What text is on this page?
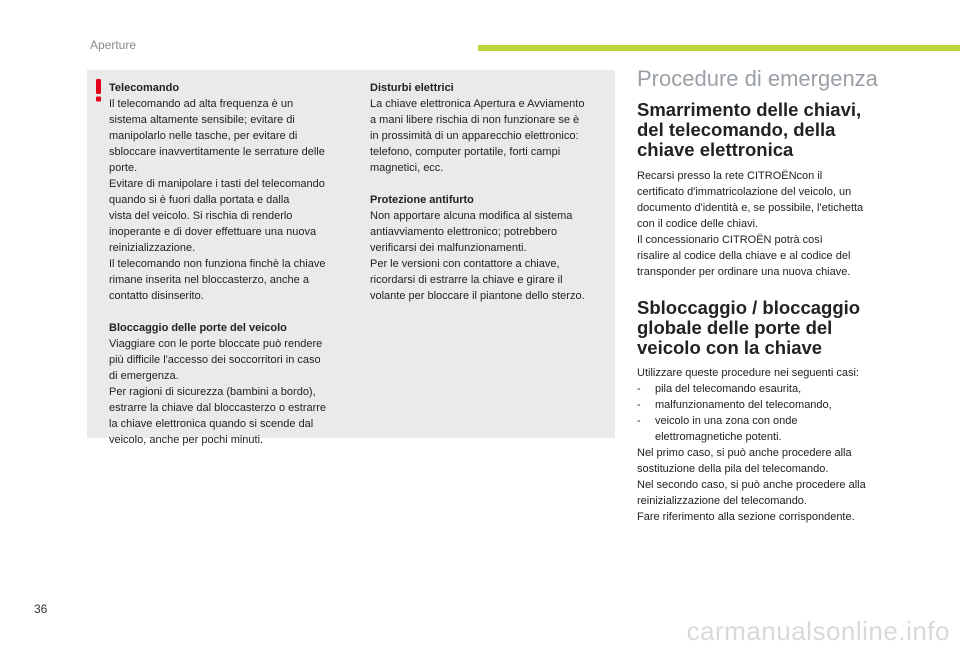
Aperture
Telecomando

Il telecomando ad alta frequenza è un
sistema altamente sensibile; evitare di
manipolarlo nelle tasche, per evitare di
sbloccare inavvertitamente le serrature delle
porte.
Evitare di manipolare i tasti del telecomando
quando si è fuori dalla portata e dalla
vista del veicolo. Si rischia di renderlo
inoperante e di dover effettuare una nuova
reinizializzazione.
Il telecomando non funziona finchè la chiave
rimane inserita nel bloccasterzo, anche a
contatto disinserito.

Bloccaggio delle porte del veicolo

Viaggiare con le porte bloccate può rendere
più difficile l'accesso dei soccorritori in caso
di emergenza.
Per ragioni di sicurezza (bambini a bordo),
estrarre la chiave dal bloccasterzo o estrarre
la chiave elettronica quando si scende dal
veicolo, anche per pochi minuti.

Disturbi elettrici

La chiave elettronica Apertura e Avviamento
a mani libere rischia di non funzionare se è
in prossimità di un apparecchio elettronico:
telefono, computer portatile, forti campi
magnetici, ecc.

Protezione antifurto

Non apportare alcuna modifica al sistema
antiavviamento elettronico; potrebbero
verificarsi dei malfunzionamenti.
Per le versioni con contattore a chiave,
ricordarsi di estrarre la chiave e girare il
volante per bloccare il piantone dello sterzo.

Procedure di emergenza
Smarrimento delle chiavi,
del telecomando, della
chiave elettronica

Recarsi presso la rete CITROËNcon il
certificato d'immatricolazione del veicolo, un
documento d'identità e, se possibile, l'etichetta
con il codice delle chiavi.
Il concessionario CITROËN potrà così
risalire al codice della chiave e al codice del
transponder per ordinare una nuova chiave.

Sbloccaggio / bloccaggio
globale delle porte del
veicolo con la chiave

Utilizzare queste procedure nei seguenti casi:

- pila del telecomando esaurita,
- malfunzionamento del telecomando,
- veicolo in una zona con onde
elettromagnetiche potenti.

Nel primo caso, si può anche procedere alla
sostituzione della pila del telecomando.
Nel secondo caso, si può anche procedere alla
reinizializzazione del telecomando.
Fare riferimento alla sezione corrispondente.

36
carmanualsonline.info
